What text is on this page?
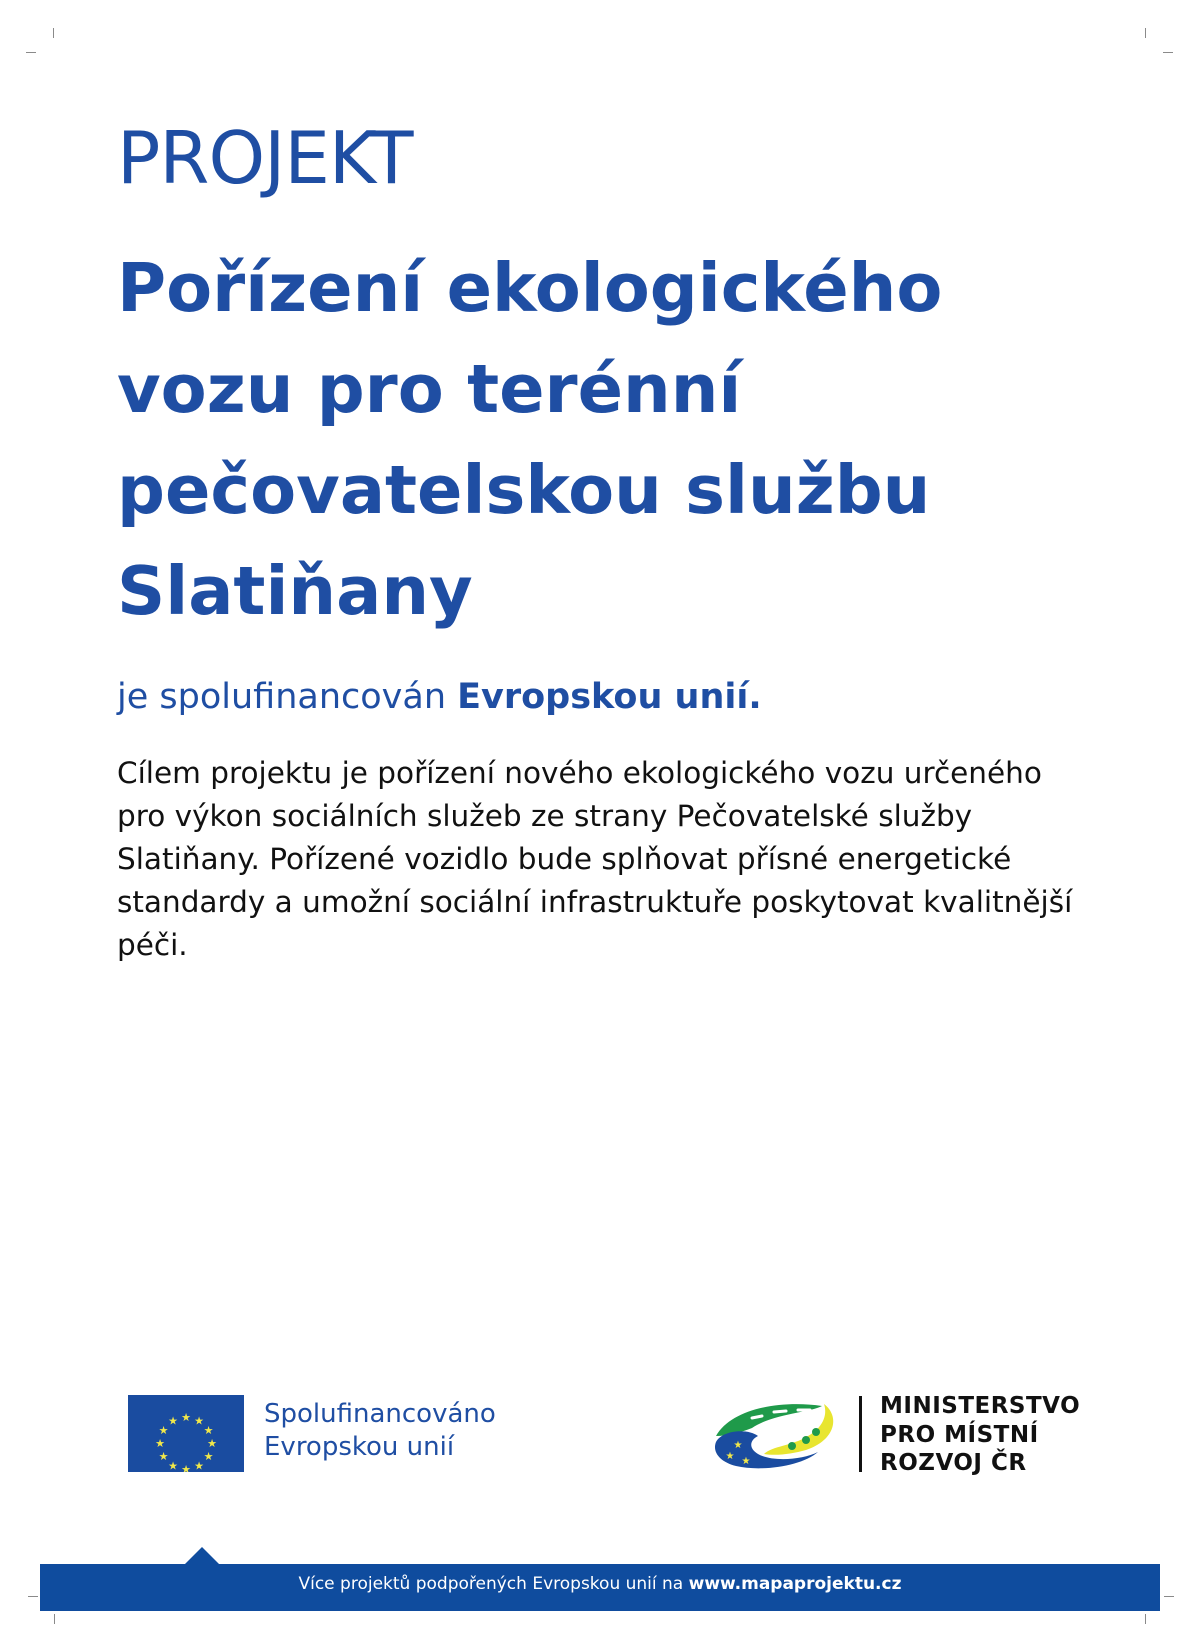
PROJEKT
Pořízení ekologického
vozu pro terénní
pečovatelskou službu
Slatiňany
je spolufinancován Evropskou unií.
Cílem projektu je pořízení nového ekologického vozu určeného
pro výkon sociálních služeb ze strany Pečovatelské služby
Slatiňany. Pořízené vozidlo bude splňovat přísné energetické
standardy a umožní sociální infrastruktuře poskytovat kvalitnější
péči.
★ ★
★
★
★
★
★
★
★
★
★
★	Spolufinancováno
Evropskou unií	★
★ ★
MINISTERSTVO
PRO MÍSTNÍ
ROZVOJ ČR
Více projektů podpořených Evropskou unií na www.mapaprojektu.cz
